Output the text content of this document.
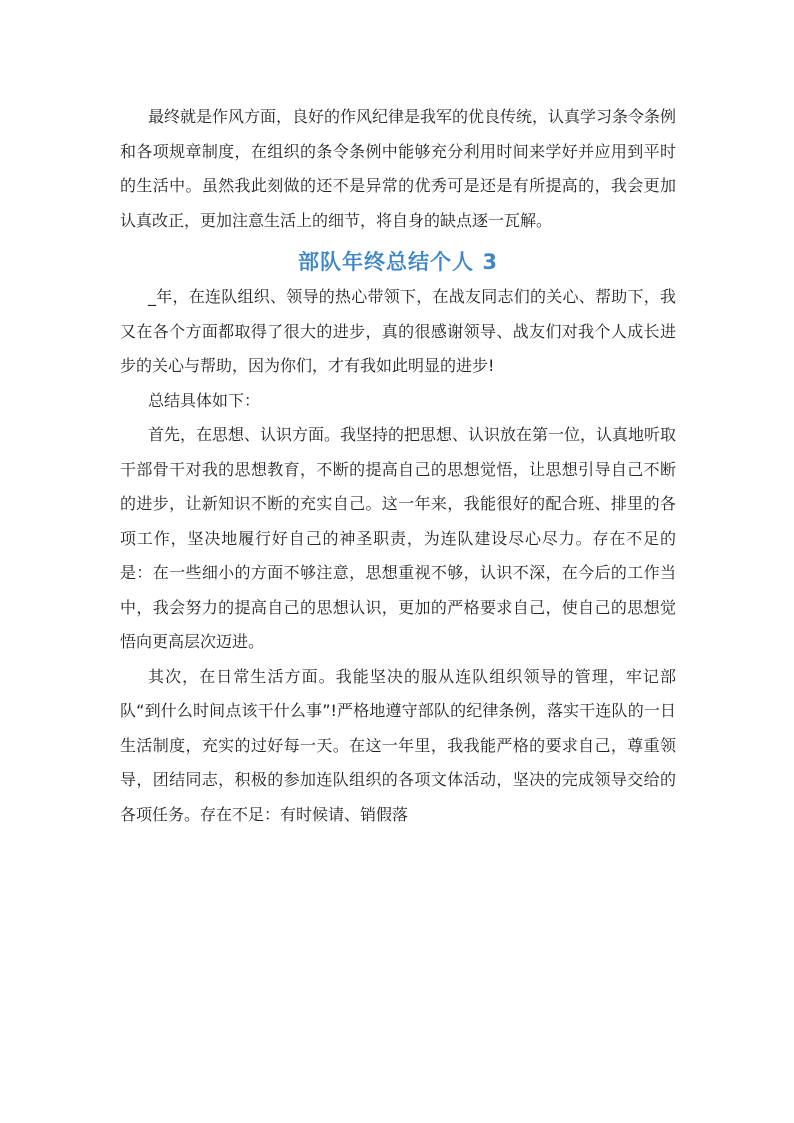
最终就是作风方面，良好的作风纪律是我军的优良传统，认真学习条令条例和各项规章制度，在组织的条令条例中能够充分利用时间来学好并应用到平时的生活中。虽然我此刻做的还不是异常的优秀可是还是有所提高的，我会更加认真改正，更加注意生活上的细节，将自身的缺点逐一瓦解。

部队年终总结个人 3

_年，在连队组织、领导的热心带领下，在战友同志们的关心、帮助下，我又在各个方面都取得了很大的进步，真的很感谢领导、战友们对我个人成长进步的关心与帮助，因为你们，才有我如此明显的进步!

总结具体如下：

首先，在思想、认识方面。我坚持的把思想、认识放在第一位，认真地听取干部骨干对我的思想教育，不断的提高自己的思想觉悟，让思想引导自己不断的进步，让新知识不断的充实自己。这一年来，我能很好的配合班、排里的各项工作，坚决地履行好自己的神圣职责，为连队建设尽心尽力。存在不足的是：在一些细小的方面不够注意，思想重视不够，认识不深，在今后的工作当中，我会努力的提高自己的思想认识，更加的严格要求自己，使自己的思想觉悟向更高层次迈进。

其次，在日常生活方面。我能坚决的服从连队组织领导的管理，牢记部队“到什么时间点该干什么事”!严格地遵守部队的纪律条例，落实干连队的一日生活制度，充实的过好每一天。在这一年里，我我能严格的要求自己，尊重领导，团结同志，积极的参加连队组织的各项文体活动，坚决的完成领导交给的各项任务。存在不足：有时候请、销假落
